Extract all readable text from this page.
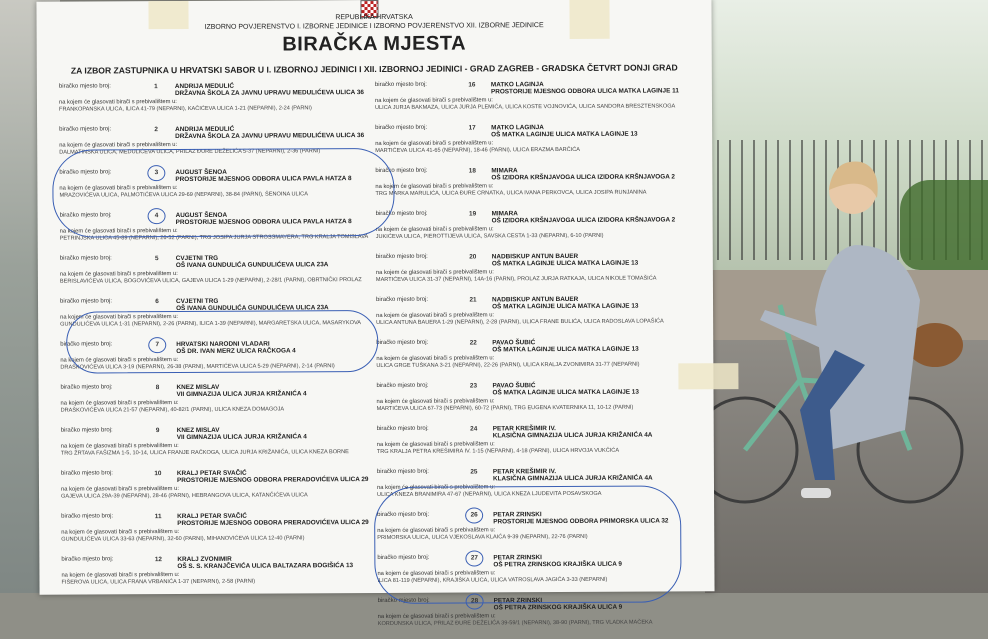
REPUBLIKA HRVATSKA
IZBORNO POVJERENSTVO I. IZBORNE JEDINICE I IZBORNO POVJERENSTVO XII. IZBORNE JEDINICE
BIRAČKA MJESTA
ZA IZBOR ZASTUPNIKA U HRVATSKI SABOR U I. IZBORNOJ JEDINICI I XII. IZBORNOJ JEDINICI - GRAD ZAGREB - GRADSKA ČETVRT DONJI GRAD
biračko mjesto broj:	1	ANDRIJA MEDULIĆ
DRŽAVNA ŠKOLA ZA JAVNU UPRAVU MEDULIĆEVA ULICA 36
na kojem će glasovati birači s prebivalištem u:
FRANKOPANSKA ULICA, ILICA 41-79 (NEPARNI), KAČIĆEVA ULICA 1-21 (NEPARNI), 2-24 (PARNI)
biračko mjesto broj:	2	ANDRIJA MEDULIĆ
DRŽAVNA ŠKOLA ZA JAVNU UPRAVU MEDULIĆEVA ULICA 36
na kojem će glasovati birači s prebivalištem u:
DALMATINSKA ULICA, MEDULIĆEVA ULICA, PRILAZ ĐURE DEŽELIĆA 5-37 (NEPARNI), 2-36 (PARNI)
biračko mjesto broj:	3	AUGUST ŠENOA
PROSTORIJE MJESNOG ODBORA ULICA PAVLA HATZA 8
na kojem će glasovati birači s prebivalištem u:
MRAZOVIĆEVA ULICA, PALMOTIĆEVA ULICA 29-69 (NEPARNI), 38-84 (PARNI), ŠENOINA ULICA
biračko mjesto broj:	4	AUGUST ŠENOA
PROSTORIJE MJESNOG ODBORA ULICA PAVLA HATZA 8
na kojem će glasovati birači s prebivalištem u:
PETRINJSKA ULICA 45-89 (NEPARNI), 26-52 (PARNI), TRG JOSIPA JURJA STROSSMAYERA, TRG KRALJA TOMISLAVA
biračko mjesto broj:	5	CVJETNI TRG
OŠ IVANA GUNDULIĆA GUNDULIĆEVA ULICA 23A
na kojem će glasovati birači s prebivalištem u:
BERISLAVIĆEVA ULICA, BOGOVIĆEVA ULICA, GAJEVA ULICA 1-29 (NEPARNI), 2-28/1 (PARNI), OBRTNIČKI PROLAZ
biračko mjesto broj:	6	CVJETNI TRG
OŠ IVANA GUNDULIĆA GUNDULIĆEVA ULICA 23A
na kojem će glasovati birači s prebivalištem u:
GUNDULIĆEVA ULICA 1-31 (NEPARNI), 2-26 (PARNI), ILICA 1-39 (NEPARNI), MARGARETSKA ULICA, MASARYKOVA
biračko mjesto broj:	7	HRVATSKI NARODNI VLADARI
OŠ DR. IVAN MERZ ULICA RAČKOGA 4
na kojem će glasovati birači s prebivalištem u:
DRAŠKOVIĆEVA ULICA 3-19 (NEPARNI), 26-38 (PARNI), MARTIĆEVA ULICA 5-29 (NEPARNI), 2-14 (PARNI)
biračko mjesto broj:	8	KNEZ MISLAV
VII GIMNAZIJA ULICA JURJA KRIŽANIĆA 4
na kojem će glasovati birači s prebivalištem u:
DRAŠKOVIĆEVA ULICA 21-57 (NEPARNI), 40-82/1 (PARNI), ULICA KNEZA DOMAGOJA
biračko mjesto broj:	9	KNEZ MISLAV
VII GIMNAZIJA ULICA JURJA KRIŽANIĆA 4
na kojem će glasovati birači s prebivalištem u:
TRG ŽRTAVA FAŠIZMA 1-5, 10-14, ULICA FRANJE RAČKOGA, ULICA JURJA KRIŽANIĆA, ULICA KNEZA BORNE
biračko mjesto broj:	10	KRALJ PETAR SVAČIĆ
PROSTORIJE MJESNOG ODBORA PRERADOVIĆEVA ULICA 29
na kojem će glasovati birači s prebivalištem u:
GAJEVA ULICA 29A-39 (NEPARNI), 28-46 (PARNI), HEBRANGOVA ULICA, KATANČIĆEVA ULICA
biračko mjesto broj:	11	KRALJ PETAR SVAČIĆ
PROSTORIJE MJESNOG ODBORA PRERADOVIĆEVA ULICA 29
na kojem će glasovati birači s prebivalištem u:
GUNDULIĆEVA ULICA 33-63 (NEPARNI), 32-60 (PARNI), MIHANOVIĆEVA ULICA 12-40 (PARNI)
biračko mjesto broj:	12	KRALJ ZVONIMIR
OŠ S. S. KRANJČEVIĆA ULICA BALTAZARA BOGIŠIĆA 13
na kojem će glasovati birači s prebivalištem u:
FIŠEROVA ULICA, ULICA FRANA VRBANIĆA 1-37 (NEPARNI), 2-58 (PARNI)
biračko mjesto broj:	16	MATKO LAGINJA
PROSTORIJE MJESNOG ODBORA ULICA MATKA LAGINJE 11
na kojem će glasovati birači s prebivalištem u:
ULICA JURJA BAKMAZA, ULICA JURJA PLEMIĆA, ULICA KOSTE VOJNOVIĆA, ULICA SANDORA BRESZTENSKOGA
biračko mjesto broj:	17	MATKO LAGINJA
OŠ MATKA LAGINJE ULICA MATKA LAGINJE 13
na kojem će glasovati birači s prebivalištem u:
MARTIĆEVA ULICA 41-65 (NEPARNI), 18-46 (PARNI), ULICA ERAZMA BARČIĆA
biračko mjesto broj:	18	MIMARA
OŠ IZIDORA KRŠNJAVOGA ULICA IZIDORA KRŠNJAVOGA 2
na kojem će glasovati birači s prebivalištem u:
TRG MARKA MARULIĆA, ULICA ĐURE CRNATKA, ULICA IVANA PERKOVCA, ULICA JOSIPA RUNJANINA
biračko mjesto broj:	19	MIMARA
OŠ IZIDORA KRŠNJAVOGA ULICA IZIDORA KRŠNJAVOGA 2
na kojem će glasovati birači s prebivalištem u:
JUKIĆEVA ULICA, PIEROTTIJEVA ULICA, SAVSKA CESTA 1-33 (NEPARNI), 6-10 (PARNI)
biračko mjesto broj:	20	NADBISKUP ANTUN BAUER
OŠ MATKA LAGINJE ULICA MATKA LAGINJE 13
na kojem će glasovati birači s prebivalištem u:
MARTIĆEVA ULICA 31-37 (NEPARNI), 14A-16 (PARNI), PROLAZ JURJA RATKAJA, ULICA NIKOLE TOMAŠIĆA
biračko mjesto broj:	21	NADBISKUP ANTUN BAUER
OŠ MATKA LAGINJE ULICA MATKA LAGINJE 13
na kojem će glasovati birači s prebivalištem u:
ULICA ANTUNA BAUERA 1-29 (NEPARNI), 2-28 (PARNI), ULICA FRANE BULIĆA, ULICA RADOSLAVA LOPAŠIĆA
biračko mjesto broj:	22	PAVAO ŠUBIĆ
OŠ MATKA LAGINJE ULICA MATKA LAGINJE 13
na kojem će glasovati birači s prebivalištem u:
ULICA GRGE TUŠKANA 3-21 (NEPARNI), 22-26 (PARNI), ULICA KRALJA ZVONIMIRA 31-77 (NEPARNI)
biračko mjesto broj:	23	PAVAO ŠUBIĆ
OŠ MATKA LAGINJE ULICA MATKA LAGINJE 13
na kojem će glasovati birači s prebivalištem u:
MARTIĆEVA ULICA 67-73 (NEPARNI), 60-72 (PARNI), TRG EUGENA KVATERNIKA 11, 10-12 (PARNI)
biračko mjesto broj:	24	PETAR KREŠIMIR IV.
KLASIČNA GIMNAZIJA ULICA JURJA KRIŽANIĆA 4A
na kojem će glasovati birači s prebivalištem u:
TRG KRALJA PETRA KREŠIMIRA IV. 1-15 (NEPARNI), 4-18 (PARNI), ULICA HRVOJA VUKČIĆA
biračko mjesto broj:	25	PETAR KREŠIMIR IV.
KLASIČNA GIMNAZIJA ULICA JURJA KRIŽANIĆA 4A
na kojem će glasovati birači s prebivalištem u:
ULICA KNEZA BRANIMIRA 47-67 (NEPARNI), ULICA KNEZA LJUDEVITA POSAVSKOGA
biračko mjesto broj:	26	PETAR ZRINSKI
PROSTORIJE MJESNOG ODBORA PRIMORSKA ULICA 32
na kojem će glasovati birači s prebivalištem u:
PRIMORSKA ULICA, ULICA VJEKOSLAVA KLAIĆA 9-39 (NEPARNI), 22-76 (PARNI)
biračko mjesto broj:	27	PETAR ZRINSKI
OŠ PETRA ZRINSKOG KRAJIŠKA ULICA 9
na kojem će glasovati birači s prebivalištem u:
ILICA 81-119 (NEPARNI), KRAJIŠKA ULICA, ULICA VATROSLAVA JAGIĆA 3-33 (NEPARNI)
biračko mjesto broj:	28	PETAR ZRINSKI
OŠ PETRA ZRINSKOG KRAJIŠKA ULICA 9
na kojem će glasovati birači s prebivalištem u:
KORDUNSKA ULICA, PRILAZ ĐURE DEŽELIĆA 39-59/1 (NEPARNI), 38-90 (PARNI), TRG VLADKA MAČEKA
